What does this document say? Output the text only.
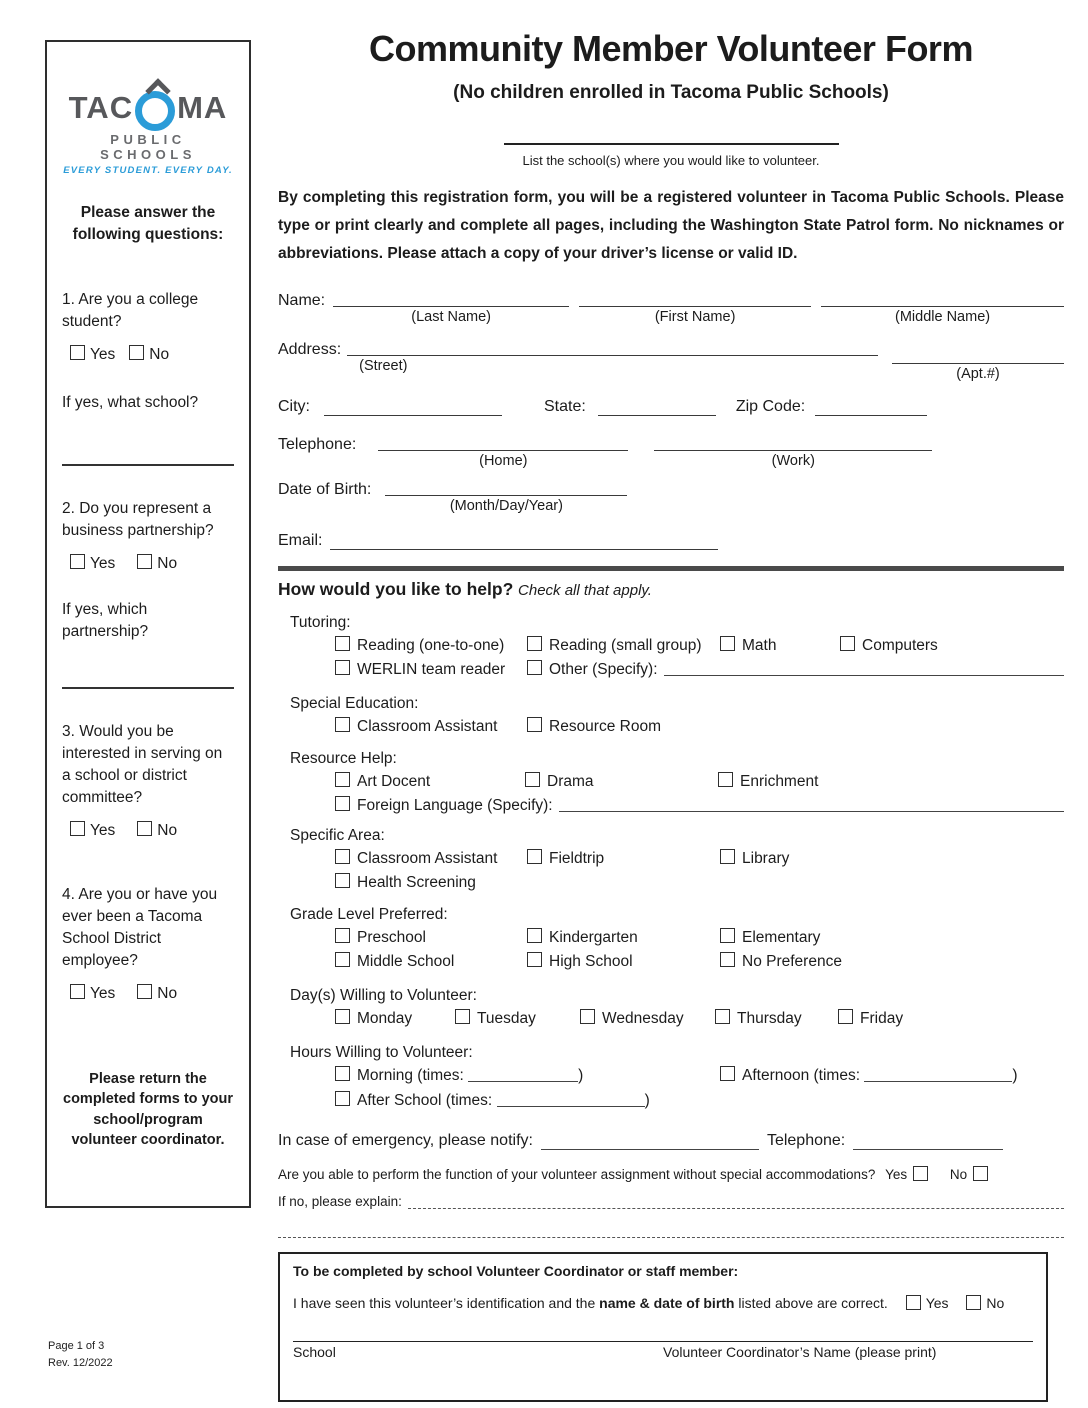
TAC MA
PUBLIC SCHOOLS
EVERY STUDENT. EVERY DAY.
Please answer the following questions:
1. Are you a college student?
Yes No
If yes, what school?
2. Do you represent a business partnership?
Yes	No
If yes, which partnership?
3. Would you be interested in serving on a school or district committee?
Yes	No
4. Are you or have you ever been a Tacoma School District employee?
Yes	No
Please return the completed forms to your school/program volunteer coordinator.
Community Member Volunteer Form
(No children enrolled in Tacoma Public Schools)
List the school(s) where you would like to volunteer.

By completing this registration form, you will be a registered volunteer in Tacoma Public Schools. Please type or print clearly and complete all pages, including the Washington State Patrol form. No nicknames or abbreviations. Please attach a copy of your driver’s license or valid ID.

Name:
(Last Name)	(First Name)	(Middle Name)
Address:
(Street)	(Apt.#)
City:	State:	Zip Code:
Telephone:
(Home)	(Work)
Date of Birth:
(Month/Day/Year)
Email:
How would you like to help? Check all that apply.
Tutoring:
Reading (one-to-one)	Reading (small group)	Math	Computers
WERLIN team reader	Other (Specify):
Special Education:
Classroom Assistant	Resource Room
Resource Help:
Art Docent	Drama	Enrichment
Foreign Language (Specify):
Specific Area:
Classroom Assistant	Fieldtrip	Library
Health Screening
Grade Level Preferred:
Preschool	Kindergarten	Elementary
Middle School	High School	No Preference
Day(s) Willing to Volunteer:
Monday	Tuesday	Wednesday	Thursday	Friday
Hours Willing to Volunteer:
Morning (times:	)	Afternoon (times:	)
After School (times:	)
In case of emergency, please notify:	Telephone:
Are you able to perform the function of your volunteer assignment without special accommodations? Yes	No
If no, please explain:
To be completed by school Volunteer Coordinator or staff member:
I have seen this volunteer’s identification and the name & date of birth listed above are correct.	Yes	No
School	Volunteer Coordinator’s Name (please print)
Page 1 of 3
Rev. 12/2022
